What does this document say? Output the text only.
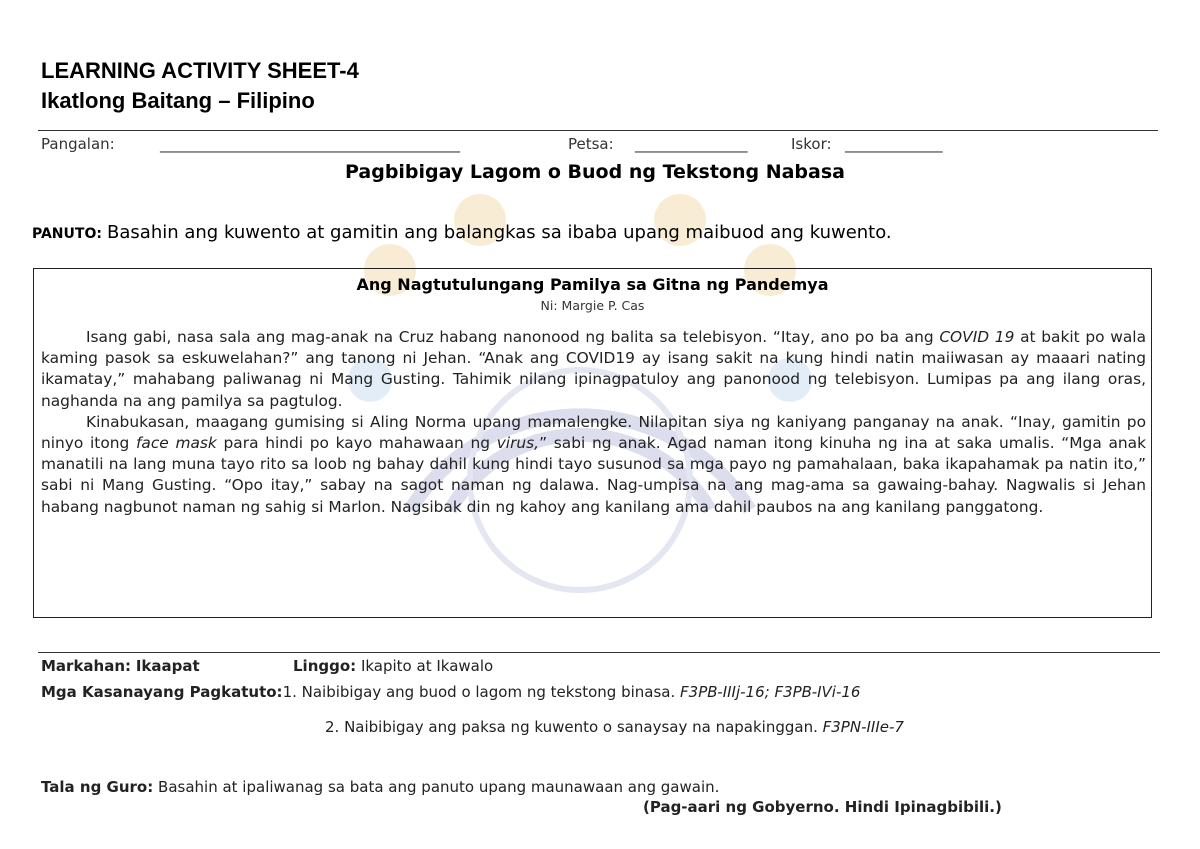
LEARNING ACTIVITY SHEET-4
Ikatlong Baitang – Filipino
Pangalan:	________________________________________	Petsa: _______________	Iskor: _____________
Pagbibigay Lagom o Buod ng Tekstong Nabasa
PANUTO: Basahin ang kuwento at gamitin ang balangkas sa ibaba upang maibuod ang kuwento.
Ang Nagtutulungang Pamilya sa Gitna ng Pandemya
Ni: Margie P. Cas

Isang gabi, nasa sala ang mag-anak na Cruz habang nanonood ng balita sa telebisyon. “Itay, ano po ba ang COVID 19 at bakit po wala kaming pasok sa eskuwelahan?” ang tanong ni Jehan. “Anak ang COVID19 ay isang sakit na kung hindi natin maiiwasan ay maaari nating ikamatay,” mahabang paliwanag ni Mang Gusting. Tahimik nilang ipinagpatuloy ang panonood ng telebisyon. Lumipas pa ang ilang oras, naghanda na ang pamilya sa pagtulog.

Kinabukasan, maagang gumising si Aling Norma upang mamalengke. Nilapitan siya ng kaniyang panganay na anak. “Inay, gamitin po ninyo itong face mask para hindi po kayo mahawaan ng virus,” sabi ng anak. Agad naman itong kinuha ng ina at saka umalis. “Mga anak manatili na lang muna tayo rito sa loob ng bahay dahil kung hindi tayo susunod sa mga payo ng pamahalaan, baka ikapahamak pa natin ito,” sabi ni Mang Gusting. “Opo itay,” sabay na sagot naman ng dalawa. Nag-umpisa na ang mag-ama sa gawaing-bahay. Nagwalis si Jehan habang nagbunot naman ng sahig si Marlon. Nagsibak din ng kahoy ang kanilang ama dahil paubos na ang kanilang panggatong.

Markahan: Ikaapat	Linggo: Ikapito at Ikawalo
Mga Kasanayang Pagkatuto:1. Naibibigay ang buod o lagom ng tekstong binasa. F3PB-IIIj-16; F3PB-IVi-16
2. Naibibigay ang paksa ng kuwento o sanaysay na napakinggan. F3PN-IIIe-7
Tala ng Guro: Basahin at ipaliwanag sa bata ang panuto upang maunawaan ang gawain.
(Pag-aari ng Gobyerno. Hindi Ipinagbibili.)
